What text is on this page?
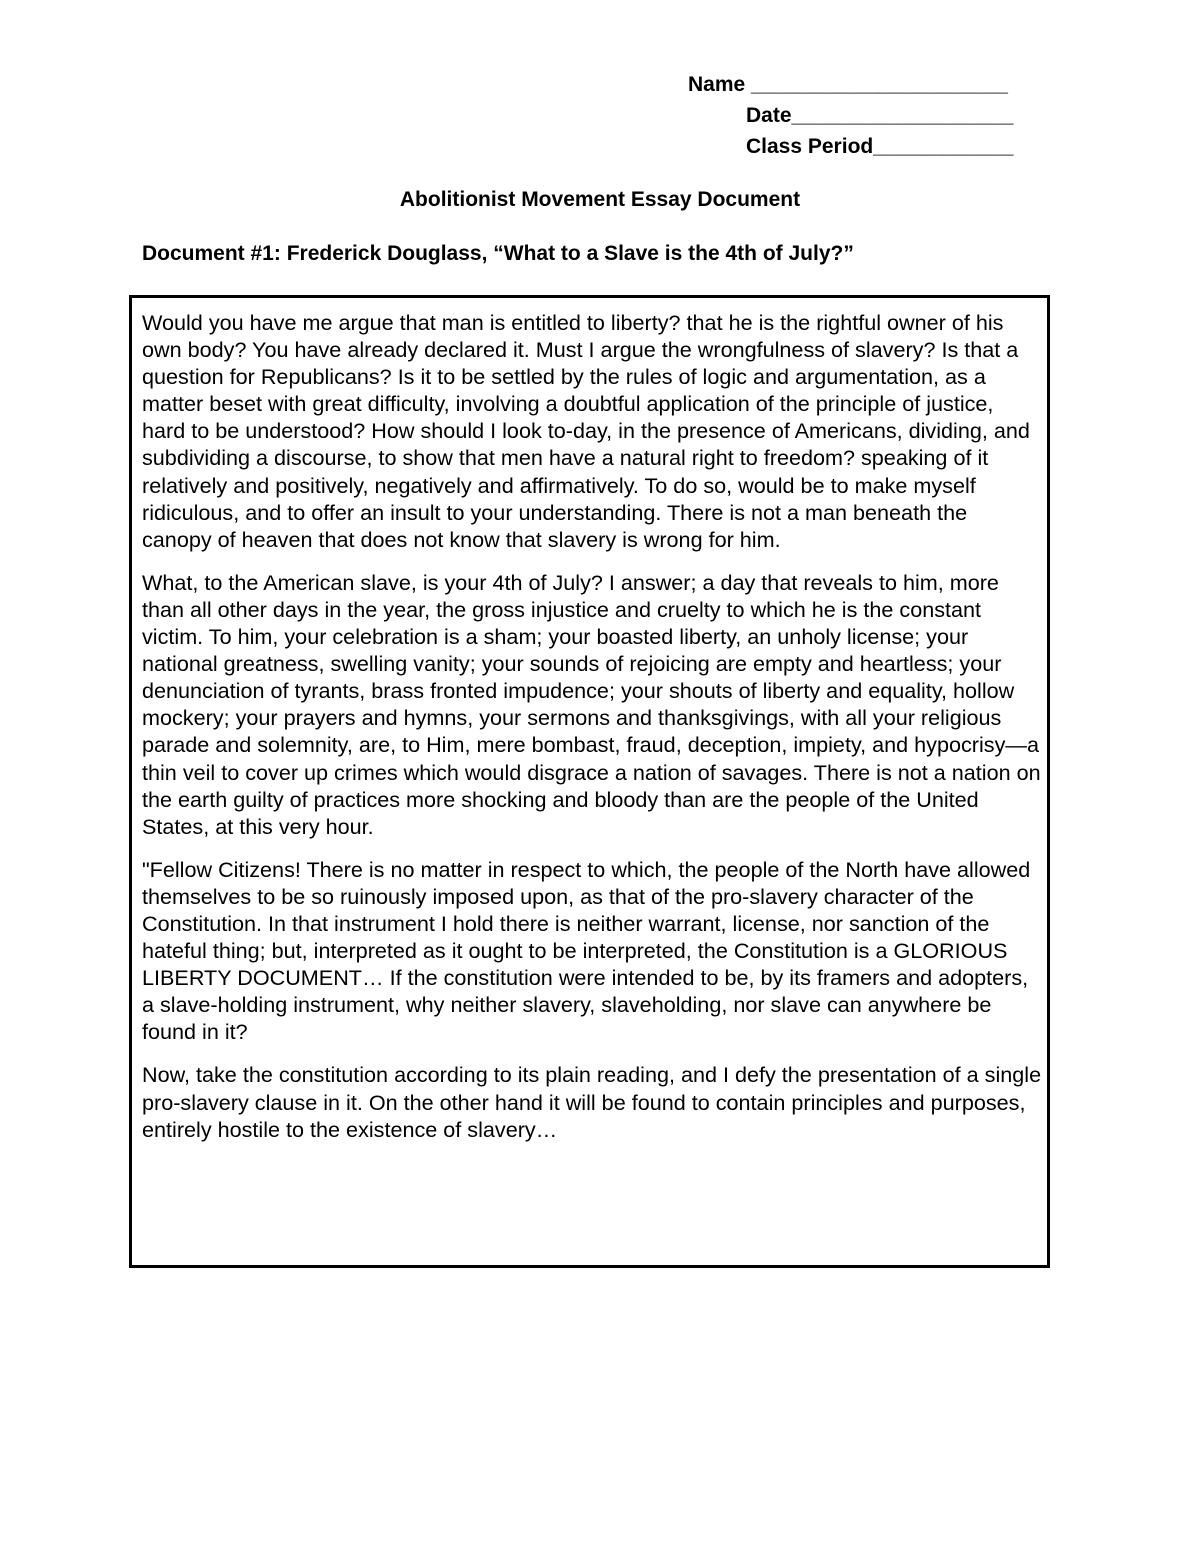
Name ______________________
Date___________________
Class Period____________
Abolitionist Movement Essay Document
Document #1: Frederick Douglass, “What to a Slave is the 4th of July?”

Would you have me argue that man is entitled to liberty? that he is the rightful owner of his own body? You have already declared it. Must I argue the wrongfulness of slavery? Is that a question for Republicans? Is it to be settled by the rules of logic and argumentation, as a matter beset with great difficulty, involving a doubtful application of the principle of justice, hard to be understood? How should I look to-day, in the presence of Americans, dividing, and subdividing a discourse, to show that men have a natural right to freedom? speaking of it relatively and positively, negatively and affirmatively. To do so, would be to make myself ridiculous, and to offer an insult to your understanding. There is not a man beneath the canopy of heaven that does not know that slavery is wrong for him.

What, to the American slave, is your 4th of July? I answer; a day that reveals to him, more than all other days in the year, the gross injustice and cruelty to which he is the constant victim. To him, your celebration is a sham; your boasted liberty, an unholy license; your national greatness, swelling vanity; your sounds of rejoicing are empty and heartless; your denunciation of tyrants, brass fronted impudence; your shouts of liberty and equality, hollow mockery; your prayers and hymns, your sermons and thanksgivings, with all your religious parade and solemnity, are, to Him, mere bombast, fraud, deception, impiety, and hypocrisy—a thin veil to cover up crimes which would disgrace a nation of savages. There is not a nation on the earth guilty of practices more shocking and bloody than are the people of the United States, at this very hour.

"Fellow Citizens! There is no matter in respect to which, the people of the North have allowed themselves to be so ruinously imposed upon, as that of the pro-slavery character of the Constitution. In that instrument I hold there is neither warrant, license, nor sanction of the hateful thing; but, interpreted as it ought to be interpreted, the Constitution is a GLORIOUS LIBERTY DOCUMENT… If the constitution were intended to be, by its framers and adopters, a slave-holding instrument, why neither slavery, slaveholding, nor slave can anywhere be found in it?

Now, take the constitution according to its plain reading, and I defy the presentation of a single pro-slavery clause in it. On the other hand it will be found to contain principles and purposes, entirely hostile to the existence of slavery…
